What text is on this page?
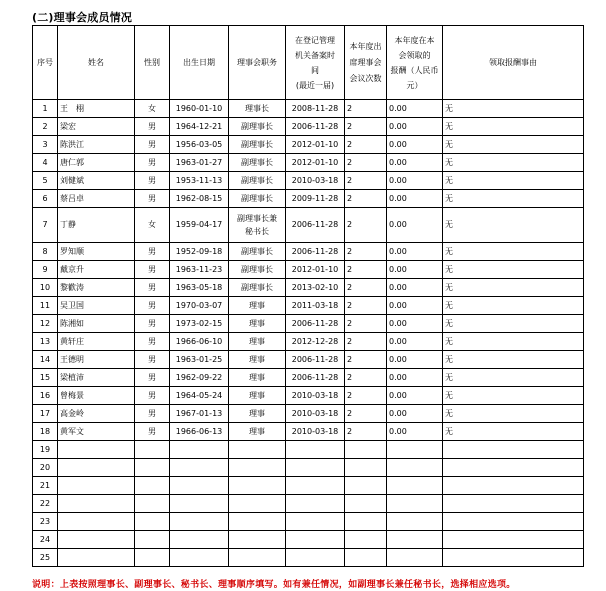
(二)理事会成员情况
序号	姓名	性别	出生日期	理事会职务	在登记管理
机关备案时
间
(最近一届)	本年度出
席理事会
会议次数	本年度在本
会领取的
报酬（人民币
元）	领取报酬事由
1	王　栩	女	1960-01-10	理事长	2008-11-28	2	0.00	无
2	梁宏	男	1964-12-21	副理事长	2006-11-28	2	0.00	无
3	陈洪江	男	1956-03-05	副理事长	2012-01-10	2	0.00	无
4	唐仁郭	男	1963-01-27	副理事长	2012-01-10	2	0.00	无
5	刘健斌	男	1953-11-13	副理事长	2010-03-18	2	0.00	无
6	蔡吕卓	男	1962-08-15	副理事长	2009-11-28	2	0.00	无
7	丁静	女	1959-04-17	副理事长兼
秘书长	2006-11-28	2	0.00	无
8	罗知顺	男	1952-09-18	副理事长	2006-11-28	2	0.00	无
9	戴京升	男	1963-11-23	副理事长	2012-01-10	2	0.00	无
10	黎歡涛	男	1963-05-18	副理事长	2013-02-10	2	0.00	无
11	吴卫国	男	1970-03-07	理事	2011-03-18	2	0.00	无
12	陈湘如	男	1973-02-15	理事	2006-11-28	2	0.00	无
13	黄轩庄	男	1966-06-10	理事	2012-12-28	2	0.00	无
14	王德明	男	1963-01-25	理事	2006-11-28	2	0.00	无
15	梁植沛	男	1962-09-22	理事	2006-11-28	2	0.00	无
16	曾梅景	男	1964-05-24	理事	2010-03-18	2	0.00	无
17	高金岭	男	1967-01-13	理事	2010-03-18	2	0.00	无
18	黄军文	男	1966-06-13	理事	2010-03-18	2	0.00	无
19								
20								
21								
22								
23								
24								
25								
说明：上表按照理事长、副理事长、秘书长、理事顺序填写。如有兼任情况，如副理事长兼任秘书长，选择相应选项。
